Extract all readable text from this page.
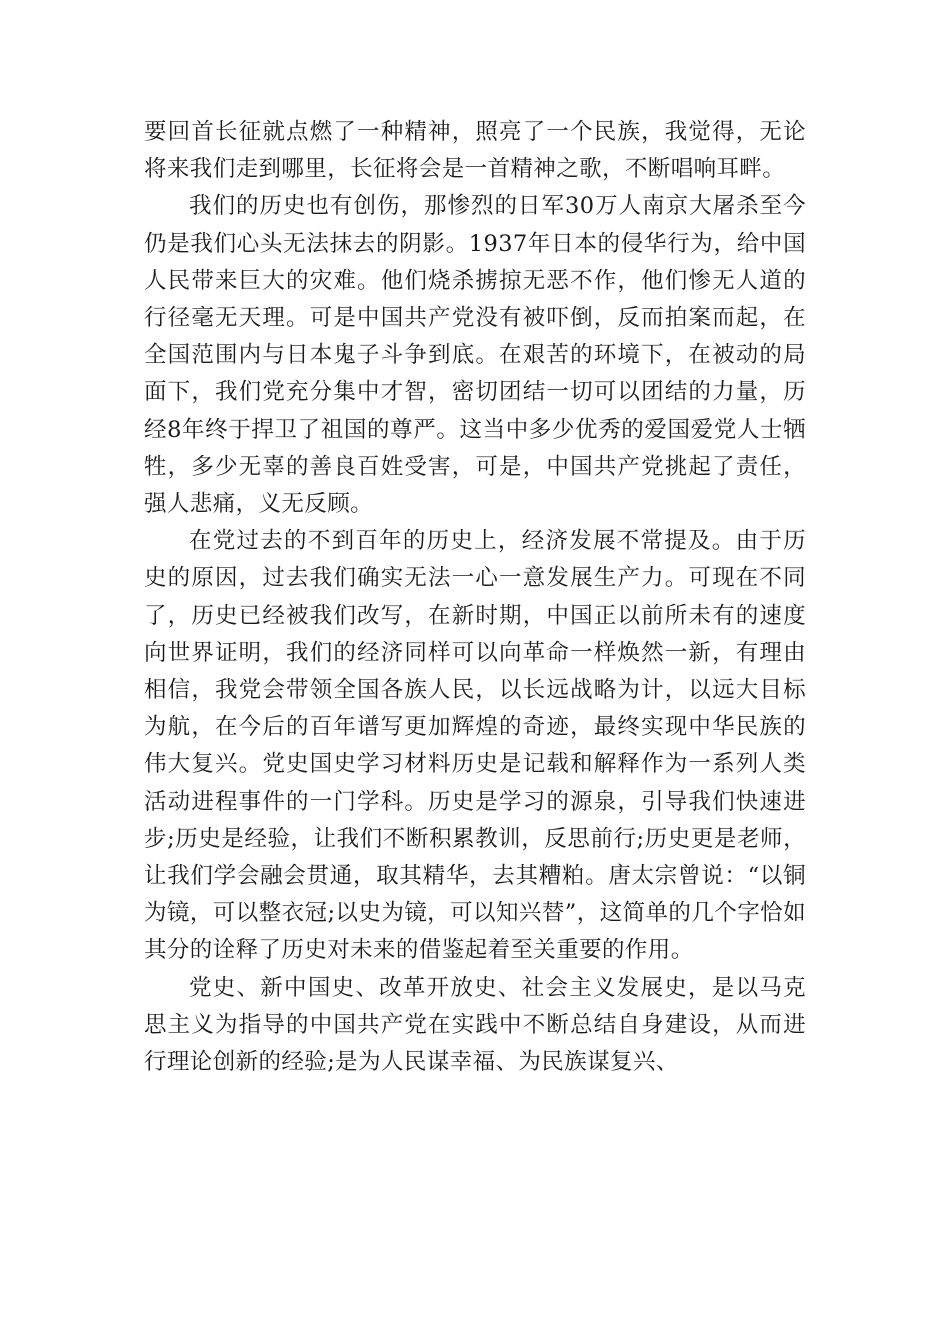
要回首长征就点燃了一种精神，照亮了一个民族，我觉得，无论将来我们走到哪里，长征将会是一首精神之歌，不断唱响耳畔。

我们的历史也有创伤，那惨烈的日军30万人南京大屠杀至今仍是我们心头无法抹去的阴影。1937年日本的侵华行为，给中国人民带来巨大的灾难。他们烧杀掳掠无恶不作，他们惨无人道的行径毫无天理。可是中国共产党没有被吓倒，反而拍案而起，在全国范围内与日本鬼子斗争到底。在艰苦的环境下，在被动的局面下，我们党充分集中才智，密切团结一切可以团结的力量，历经8年终于捍卫了祖国的尊严。这当中多少优秀的爱国爱党人士牺牲，多少无辜的善良百姓受害，可是，中国共产党挑起了责任，强人悲痛，义无反顾。

在党过去的不到百年的历史上，经济发展不常提及。由于历史的原因，过去我们确实无法一心一意发展生产力。可现在不同了，历史已经被我们改写，在新时期，中国正以前所未有的速度向世界证明，我们的经济同样可以向革命一样焕然一新，有理由相信，我党会带领全国各族人民，以长远战略为计，以远大目标为航，在今后的百年谱写更加辉煌的奇迹，最终实现中华民族的伟大复兴。党史国史学习材料历史是记载和解释作为一系列人类活动进程事件的一门学科。历史是学习的源泉，引导我们快速进步;历史是经验，让我们不断积累教训，反思前行;历史更是老师，让我们学会融会贯通，取其精华，去其糟粕。唐太宗曾说：“以铜为镜，可以整衣冠;以史为镜，可以知兴替”，这简单的几个字恰如其分的诠释了历史对未来的借鉴起着至关重要的作用。

党史、新中国史、改革开放史、社会主义发展史，是以马克思主义为指导的中国共产党在实践中不断总结自身建设，从而进行理论创新的经验;是为人民谋幸福、为民族谋复兴、
